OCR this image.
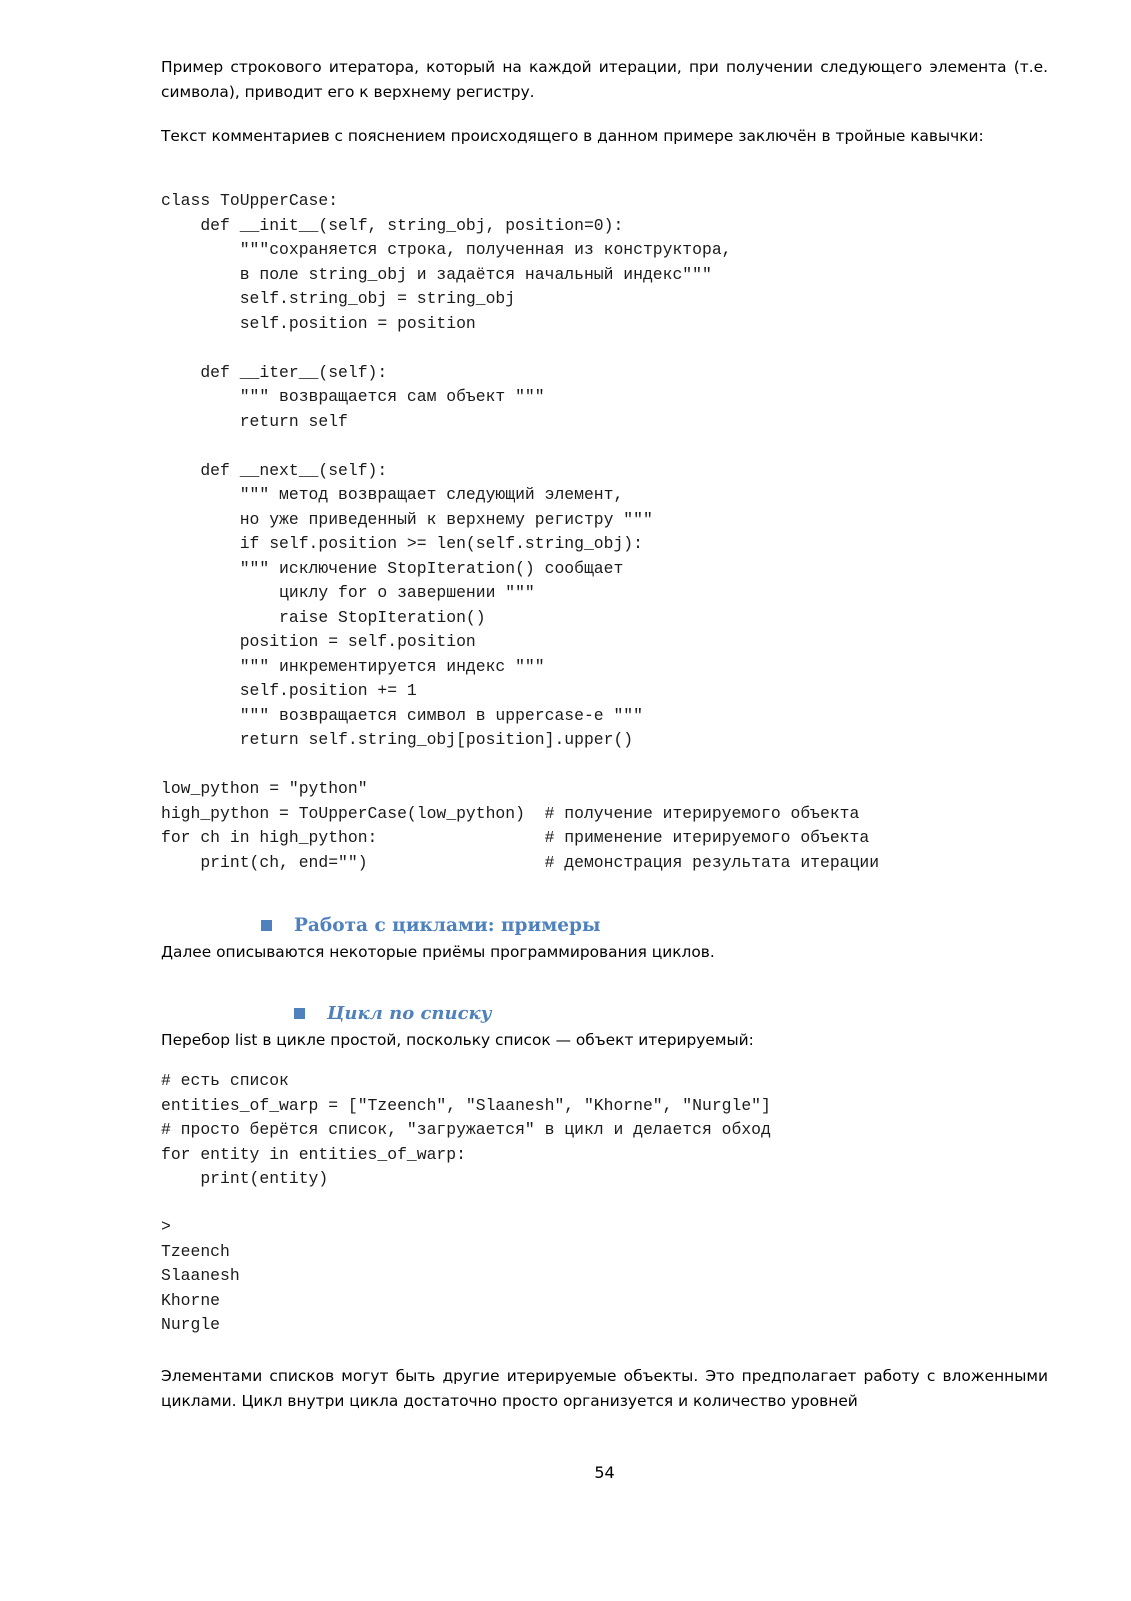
Пример строкового итератора, который на каждой итерации, при получении следующего элемента (т.е. символа), приводит его к верхнему регистру.

Текст комментариев с пояснением происходящего в данном примере заключён в тройные кавычки:

class ToUpperCase:
def __init__(self, string_obj, position=0):
"""сохраняется строка, полученная из конструктора,
в поле string_obj и задаётся начальный индекс"""
self.string_obj = string_obj
self.position = position

def __iter__(self):
""" возвращается сам объект """
return self

def __next__(self):
""" метод возвращает следующий элемент,
но уже приведенный к верхнему регистру """
if self.position >= len(self.string_obj):
""" исключение StopIteration() сообщает
циклу for о завершении """
raise StopIteration()
position = self.position
""" инкрементируется индекс """
self.position += 1
""" возвращается символ в uppercase-е """
return self.string_obj[position].upper()

low_python = "python"
high_python = ToUpperCase(low_python)  # получение итерируемого объекта
for ch in high_python:                 # применение итерируемого объекта
print(ch, end="")                  # демонстрация результата итерации
Работа с циклами: примеры

Далее описываются некоторые приёмы программирования циклов.

Цикл по списку

Перебор list в цикле простой, поскольку список — объект итерируемый:

# есть список
entities_of_warp = ["Tzeench", "Slaanesh", "Khorne", "Nurgle"]
# просто берётся список, "загружается" в цикл и делается обход
for entity in entities_of_warp:
print(entity)
>
Tzeench
Slaanesh
Khorne
Nurgle

Элементами списков могут быть другие итерируемые объекты. Это предполагает работу с вложенными циклами. Цикл внутри цикла достаточно просто организуется и количество уровней

54
